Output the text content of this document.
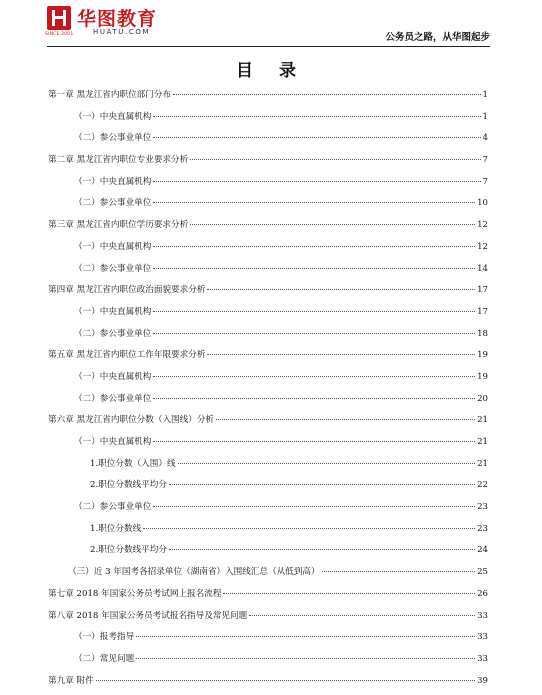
SINCE 2001
华图教育
HUATU.COM	公务员之路，从华图起步
目 录
第一章 黑龙江省内职位部门分布	1
（一）中央直属机构	1
（二）参公事业单位	4
第二章 黑龙江省内职位专业要求分析	7
（一）中央直属机构	7
（二）参公事业单位	10
第三章 黑龙江省内职位学历要求分析	12
（一）中央直属机构	12
（二）参公事业单位	14
第四章 黑龙江省内职位政治面貌要求分析	17
（一）中央直属机构	17
（二）参公事业单位	18
第五章 黑龙江省内职位工作年限要求分析	19
（一）中央直属机构	19
（二）参公事业单位	20
第六章 黑龙江省内职位分数（入围线）分析	21
（一）中央直属机构	21
1.职位分数（入围）线	21
2.职位分数线平均分	22
（二）参公事业单位	23
1.职位分数线	23
2.职位分数线平均分	24
（三）近 3 年国考各招录单位（湖南省）入围线汇总（从低到高）	25
第七章 2018 年国家公务员考试网上报名流程	26
第八章 2018 年国家公务员考试报名指导及常见问题	33
（一）报考指导	33
（二）常见问题	33
第九章 附件	39
